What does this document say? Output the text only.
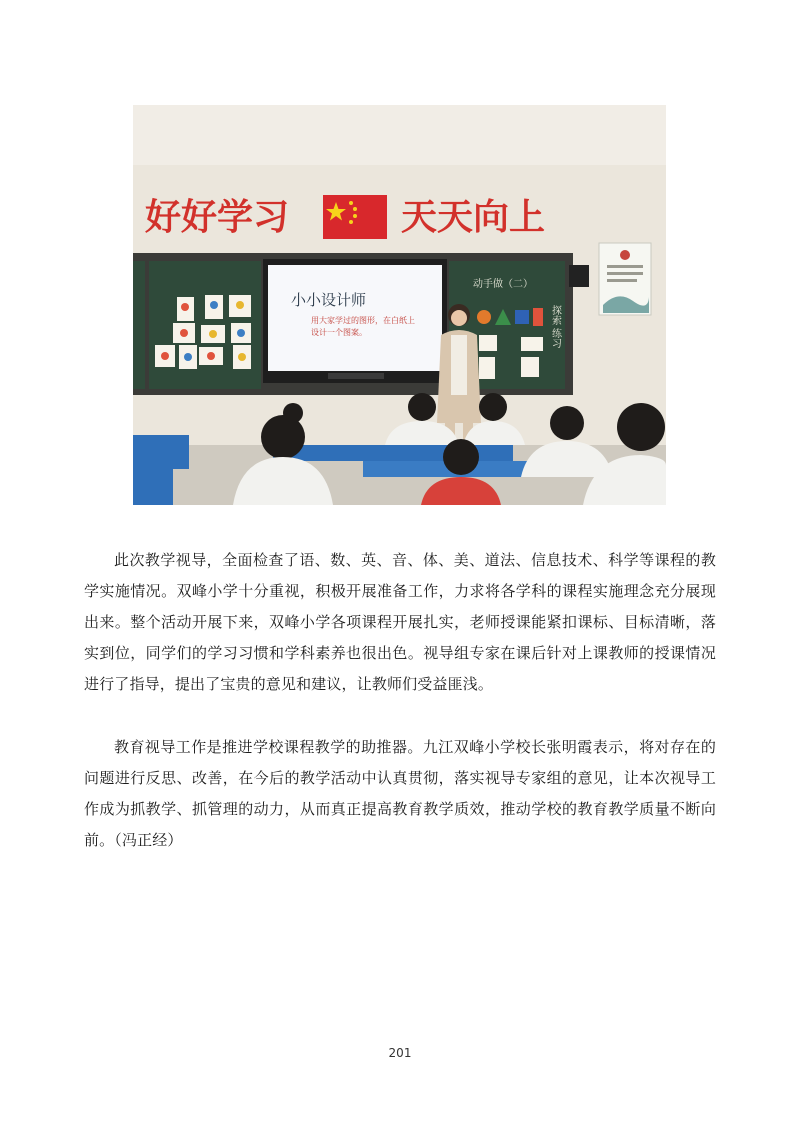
好好学习	天天向上
小小设计师
用大家学过的图形，在白纸上
设计一个图案。
动手做（二）
探索 练习

此次教学视导，全面检查了语、数、英、音、体、美、道法、信息技术、科学等课程的教学实施情况。双峰小学十分重视，积极开展准备工作，力求将各学科的课程实施理念充分展现出来。整个活动开展下来，双峰小学各项课程开展扎实，老师授课能紧扣课标、目标清晰，落实到位，同学们的学习习惯和学科素养也很出色。视导组专家在课后针对上课教师的授课情况进行了指导，提出了宝贵的意见和建议，让教师们受益匪浅。

教育视导工作是推进学校课程教学的助推器。九江双峰小学校长张明霞表示，将对存在的问题进行反思、改善，在今后的教学活动中认真贯彻，落实视导专家组的意见，让本次视导工作成为抓教学、抓管理的动力，从而真正提高教育教学质效，推动学校的教育教学质量不断向前。（冯正经）

201
